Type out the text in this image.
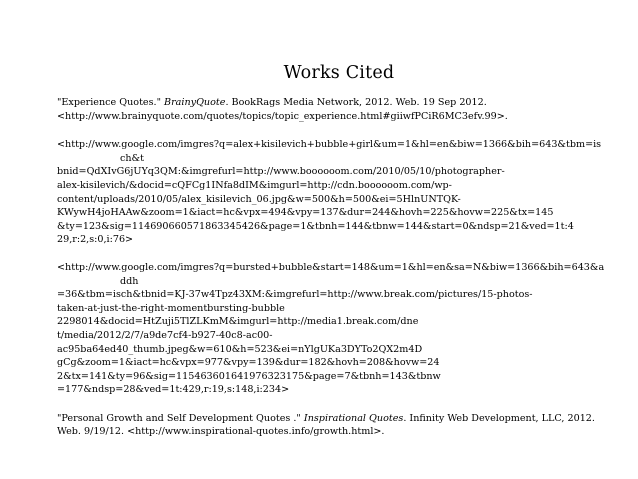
Works Cited
"Experience Quotes." BrainyQuote. BookRags Media Network, 2012. Web. 19 Sep 2012.
<http://www.brainyquote.com/quotes/topics/topic_experience.html#giiwfPCiR6MC3efv.99>.
<http://www.google.com/imgres?q=alex+kisilevich+bubble+girl&um=1&hl=en&biw=1366&bih=643&tbm=isch&t
bnid=QdXIvG6jUYq3QM:&imgrefurl=http://www.boooooom.com/2010/05/10/photographer-
alex-kisilevich/&docid=cQFCg1INfa8dIM&imgurl=http://cdn.boooooom.com/wp-
content/uploads/2010/05/alex_kisilevich_06.jpg&w=500&h=500&ei=5HlnUNTQK-
KWywH4joHAAw&zoom=1&iact=hc&vpx=494&vpy=137&dur=244&hovh=225&hovw=225&tx=145
&ty=123&sig=114690660571863345426&page=1&tbnh=144&tbnw=144&start=0&ndsp=21&ved=1t:4
29,r:2,s:0,i:76>
<http://www.google.com/imgres?q=bursted+bubble&start=148&um=1&hl=en&sa=N&biw=1366&bih=643&addh
=36&tbm=isch&tbnid=KJ-37w4Tpz43XM:&imgrefurl=http://www.break.com/pictures/15-photos-
taken-at-just-the-right-momentbursting-bubble
2298014&docid=HtZuji5TlZLKmM&imgurl=http://media1.break.com/dne
t/media/2012/2/7/a9de7cf4-b927-40c8-ac00-
ac95ba64ed40_thumb.jpeg&w=610&h=523&ei=nYlgUKa3DYTo2QX2m4D
gCg&zoom=1&iact=hc&vpx=977&vpy=139&dur=182&hovh=208&hovw=24
2&tx=141&ty=96&sig=115463601641976323175&page=7&tbnh=143&tbnw
=177&ndsp=28&ved=1t:429,r:19,s:148,i:234>
"Personal Growth and Self Development Quotes ." Inspirational Quotes. Infinity Web Development, LLC, 2012.
Web. 9/19/12. <http://www.inspirational-quotes.info/growth.html>.
